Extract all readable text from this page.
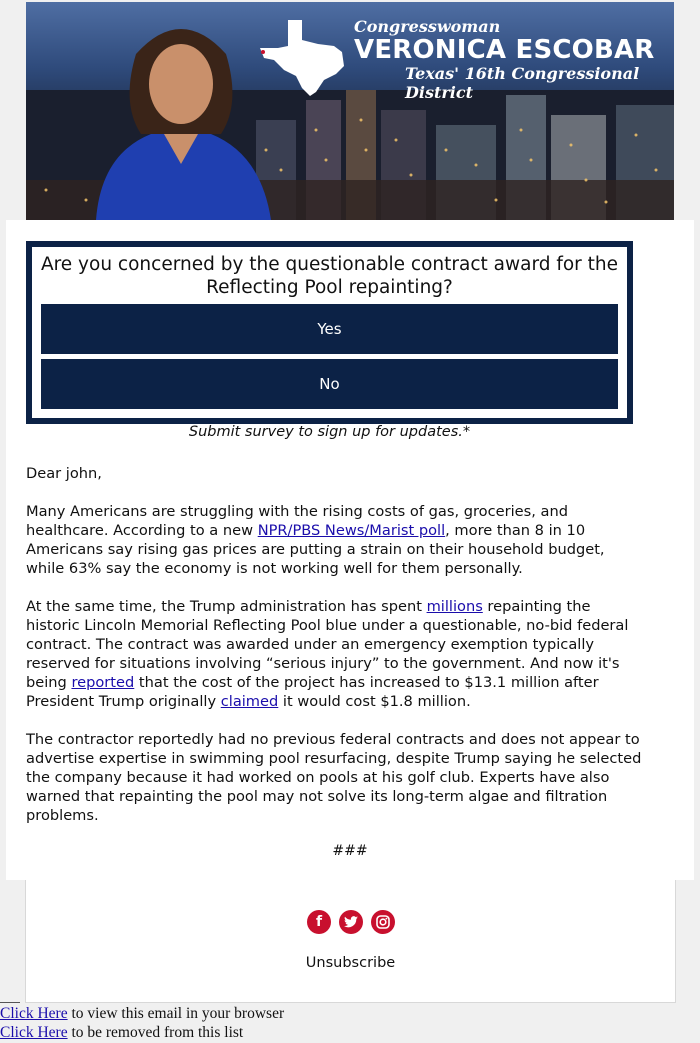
Congresswoman
VERONICA ESCOBAR
Texas' 16th Congressional District
Are you concerned by the questionable contract award for the Reflecting Pool repainting?
Yes
No
Submit survey to sign up for updates.*

Dear john,

Many Americans are struggling with the rising costs of gas, groceries, and healthcare. According to a new NPR/PBS News/Marist poll, more than 8 in 10 Americans say rising gas prices are putting a strain on their household budget, while 63% say the economy is not working well for them personally.

At the same time, the Trump administration has spent millions repainting the historic Lincoln Memorial Reflecting Pool blue under a questionable, no-bid federal contract. The contract was awarded under an emergency exemption typically reserved for situations involving “serious injury” to the government. And now it's being reported that the cost of the project has increased to $13.1 million after President Trump originally claimed it would cost $1.8 million.

The contractor reportedly had no previous federal contracts and does not appear to advertise expertise in swimming pool resurfacing, despite Trump saying he selected the company because it had worked on pools at his golf club. Experts have also warned that repainting the pool may not solve its long-term algae and filtration problems.

###
f
Unsubscribe
Click Here to view this email in your browser
Click Here to be removed from this list
